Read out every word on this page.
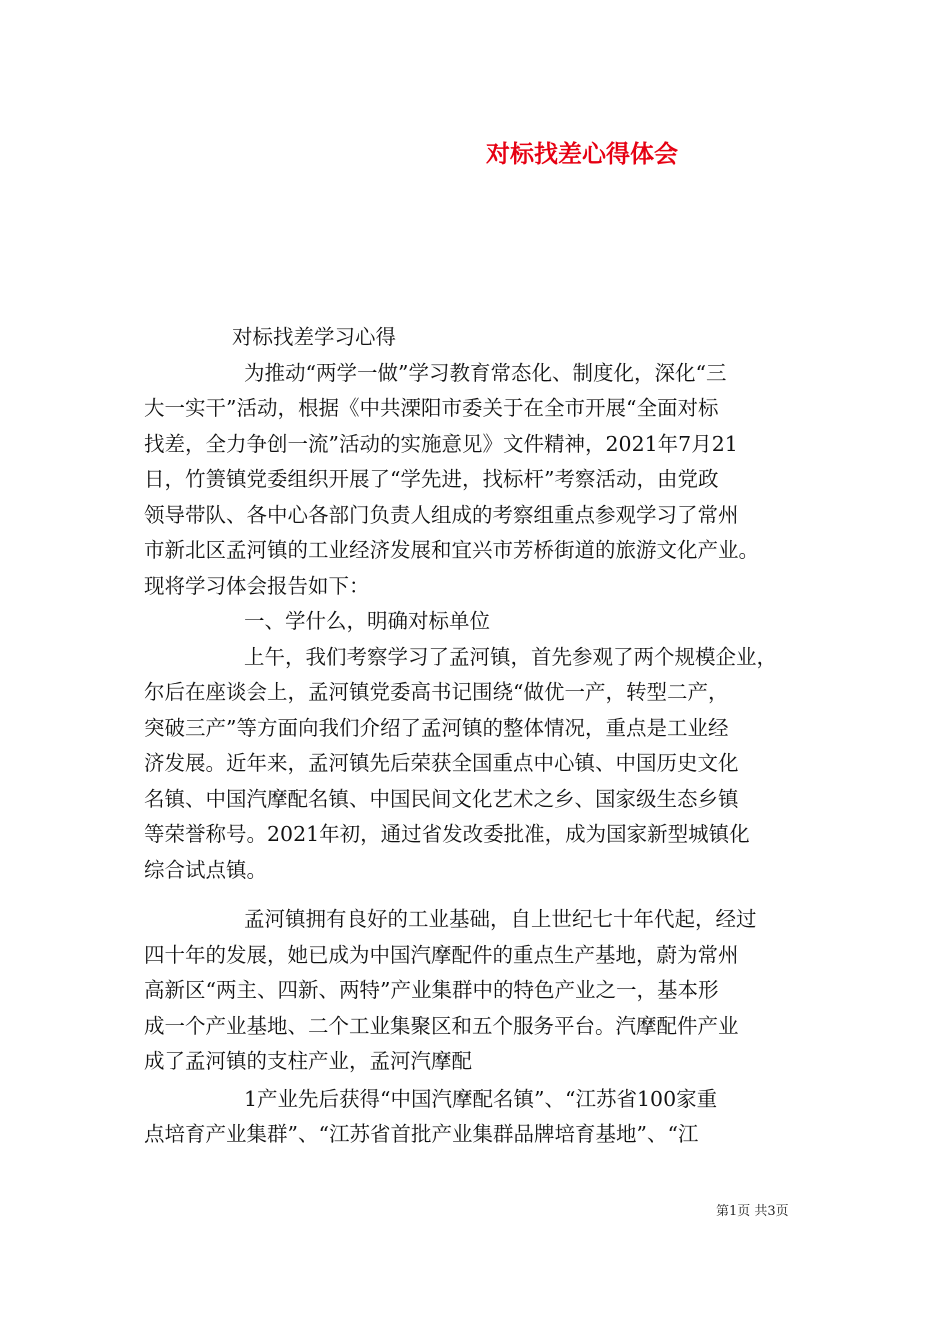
对标找差心得体会
对标找差学习心得
为推动“两学一做”学习教育常态化、制度化，深化“三
大一实干”活动，根据《中共溧阳市委关于在全市开展“全面对标
找差，全力争创一流”活动的实施意见》文件精神，2021年7月21
日，竹箦镇党委组织开展了“学先进，找标杆”考察活动，由党政
领导带队、各中心各部门负责人组成的考察组重点参观学习了常州
市新北区孟河镇的工业经济发展和宜兴市芳桥街道的旅游文化产业。
现将学习体会报告如下：
一、学什么，明确对标单位
上午，我们考察学习了孟河镇，首先参观了两个规模企业，
尔后在座谈会上，孟河镇党委高书记围绕“做优一产，转型二产，
突破三产”等方面向我们介绍了孟河镇的整体情况，重点是工业经
济发展。近年来，孟河镇先后荣获全国重点中心镇、中国历史文化
名镇、中国汽摩配名镇、中国民间文化艺术之乡、国家级生态乡镇
等荣誉称号。2021年初，通过省发改委批准，成为国家新型城镇化
综合试点镇。
孟河镇拥有良好的工业基础，自上世纪七十年代起，经过
四十年的发展，她已成为中国汽摩配件的重点生产基地，蔚为常州
高新区“两主、四新、两特”产业集群中的特色产业之一，基本形
成一个产业基地、二个工业集聚区和五个服务平台。汽摩配件产业
成了孟河镇的支柱产业，孟河汽摩配
1产业先后获得“中国汽摩配名镇”、“江苏省100家重
点培育产业集群”、“江苏省首批产业集群品牌培育基地”、“江
第1页 共3页
